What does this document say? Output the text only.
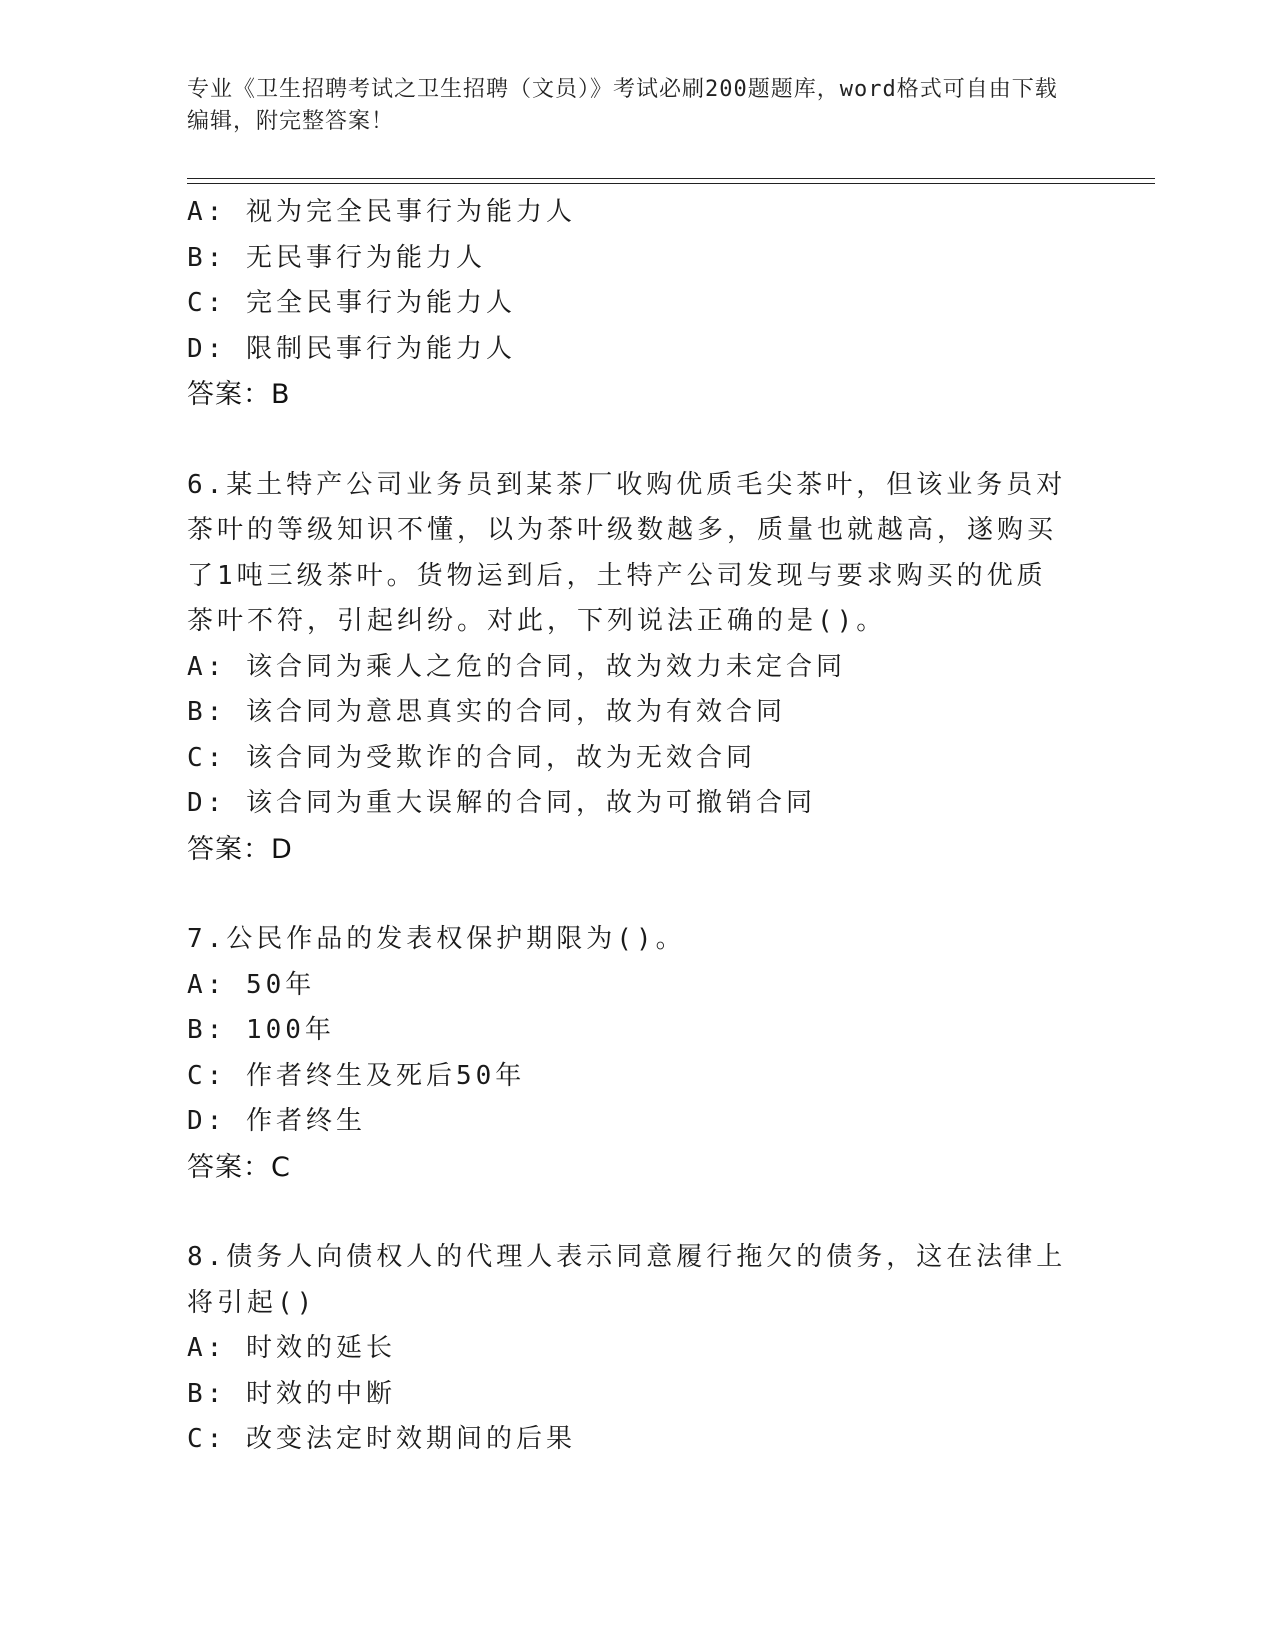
专业《卫生招聘考试之卫生招聘（文员）》考试必刷200题题库，word格式可自由下载编辑，附完整答案！
A: 视为完全民事行为能力人
B: 无民事行为能力人
C: 完全民事行为能力人
D: 限制民事行为能力人
答案：B
6.某土特产公司业务员到某茶厂收购优质毛尖茶叶，但该业务员对茶叶的等级知识不懂，以为茶叶级数越多，质量也就越高，遂购买了1吨三级茶叶。货物运到后，土特产公司发现与要求购买的优质茶叶不符，引起纠纷。对此，下列说法正确的是()。
A: 该合同为乘人之危的合同，故为效力未定合同
B: 该合同为意思真实的合同，故为有效合同
C: 该合同为受欺诈的合同，故为无效合同
D: 该合同为重大误解的合同，故为可撤销合同
答案：D
7.公民作品的发表权保护期限为()。
A: 50年
B: 100年
C: 作者终生及死后50年
D: 作者终生
答案：C
8.债务人向债权人的代理人表示同意履行拖欠的债务，这在法律上将引起()
A: 时效的延长
B: 时效的中断
C: 改变法定时效期间的后果
